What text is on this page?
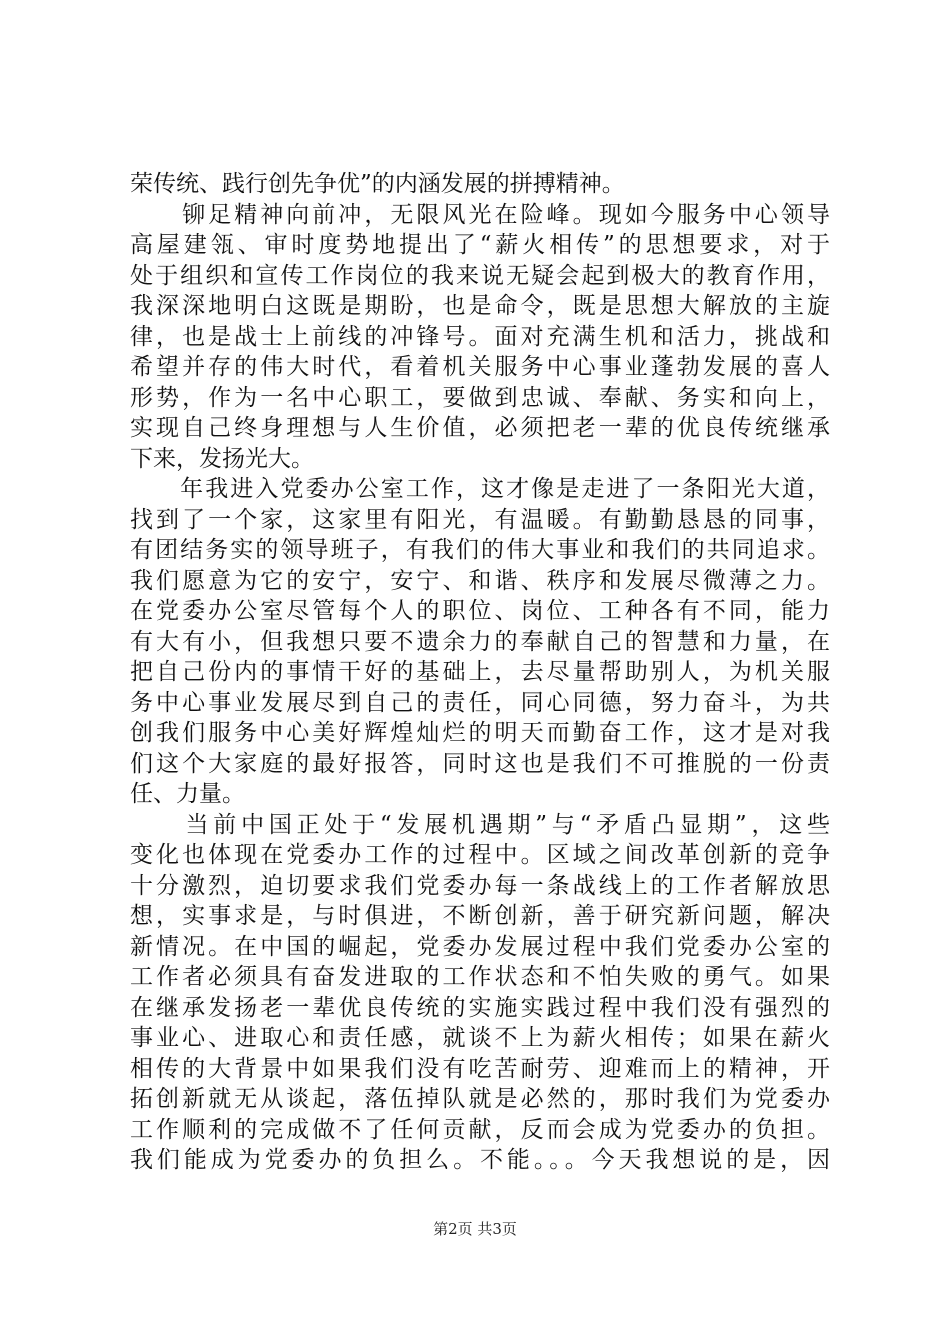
荣传统、践行创先争优”的内涵发展的拼搏精神。
　　铆足精神向前冲，无限风光在险峰。现如今服务中心领导
高屋建瓴、审时度势地提出了“薪火相传”的思想要求，对于
处于组织和宣传工作岗位的我来说无疑会起到极大的教育作用，
我深深地明白这既是期盼，也是命令，既是思想大解放的主旋
律，也是战士上前线的冲锋号。面对充满生机和活力，挑战和
希望并存的伟大时代，看着机关服务中心事业蓬勃发展的喜人
形势，作为一名中心职工，要做到忠诚、奉献、务实和向上，
实现自己终身理想与人生价值，必须把老一辈的优良传统继承
下来，发扬光大。
　　年我进入党委办公室工作，这才像是走进了一条阳光大道，
找到了一个家，这家里有阳光，有温暖。有勤勤恳恳的同事，
有团结务实的领导班子，有我们的伟大事业和我们的共同追求。
我们愿意为它的安宁，安宁、和谐、秩序和发展尽微薄之力。
在党委办公室尽管每个人的职位、岗位、工种各有不同，能力
有大有小，但我想只要不遗余力的奉献自己的智慧和力量，在
把自己份内的事情干好的基础上，去尽量帮助别人，为机关服
务中心事业发展尽到自己的责任，同心同德，努力奋斗，为共
创我们服务中心美好辉煌灿烂的明天而勤奋工作，这才是对我
们这个大家庭的最好报答，同时这也是我们不可推脱的一份责
任、力量。
　　当前中国正处于“发展机遇期”与“矛盾凸显期”，这些
变化也体现在党委办工作的过程中。区域之间改革创新的竞争
十分激烈，迫切要求我们党委办每一条战线上的工作者解放思
想，实事求是，与时俱进，不断创新，善于研究新问题，解决
新情况。在中国的崛起，党委办发展过程中我们党委办公室的
工作者必须具有奋发进取的工作状态和不怕失败的勇气。如果
在继承发扬老一辈优良传统的实施实践过程中我们没有强烈的
事业心、进取心和责任感，就谈不上为薪火相传；如果在薪火
相传的大背景中如果我们没有吃苦耐劳、迎难而上的精神，开
拓创新就无从谈起，落伍掉队就是必然的，那时我们为党委办
工作顺利的完成做不了任何贡献，反而会成为党委办的负担。
我们能成为党委办的负担么。不能。。。今天我想说的是，因
第2页 共3页
